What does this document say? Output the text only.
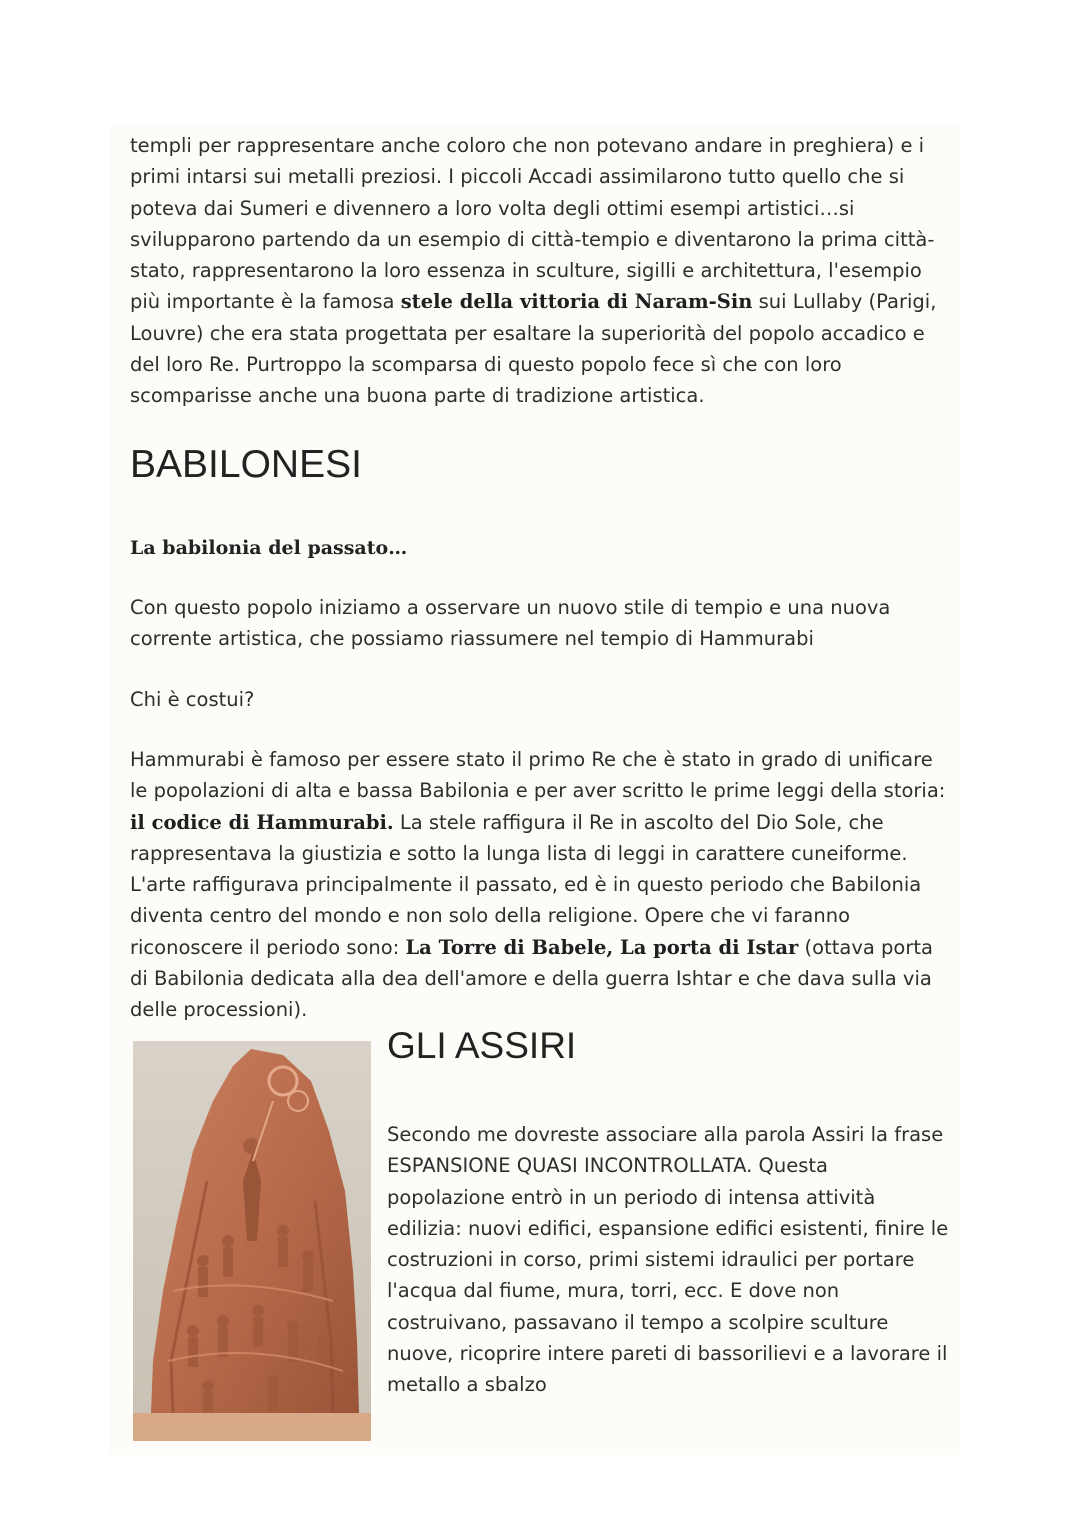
templi per rappresentare anche coloro che non potevano andare in preghiera) e i primi intarsi sui metalli preziosi. I piccoli Accadi assimilarono tutto quello che si poteva dai Sumeri e divennero a loro volta degli ottimi esempi artistici…si svilupparono partendo da un esempio di città-tempio e diventarono la prima città-stato, rappresentarono la loro essenza in sculture, sigilli e architettura, l'esempio più importante è la famosa stele della vittoria di Naram-Sin sui Lullaby (Parigi, Louvre) che era stata progettata per esaltare la superiorità del popolo accadico e del loro Re. Purtroppo la scomparsa di questo popolo fece sì che con loro scomparisse anche una buona parte di tradizione artistica.

BABILONESI

La babilonia del passato…

Con questo popolo iniziamo a osservare un nuovo stile di tempio e una nuova corrente artistica, che possiamo riassumere nel tempio di Hammurabi

Chi è costui?

Hammurabi è famoso per essere stato il primo Re che è stato in grado di unificare le popolazioni di alta e bassa Babilonia e per aver scritto le prime leggi della storia: il codice di Hammurabi. La stele raffigura il Re in ascolto del Dio Sole, che rappresentava la giustizia e sotto la lunga lista di leggi in carattere cuneiforme. L'arte raffigurava principalmente il passato, ed è in questo periodo che Babilonia diventa centro del mondo e non solo della religione. Opere che vi faranno riconoscere il periodo sono: La Torre di Babele, La porta di Istar (ottava porta di Babilonia dedicata alla dea dell'amore e della guerra Ishtar e che dava sulla via delle processioni).

GLI ASSIRI

Secondo me dovreste associare alla parola Assiri la frase ESPANSIONE QUASI INCONTROLLATA. Questa popolazione entrò in un periodo di intensa attività edilizia: nuovi edifici, espansione edifici esistenti, finire le costruzioni in corso, primi sistemi idraulici per portare l'acqua dal fiume, mura, torri, ecc. E dove non costruivano, passavano il tempo a scolpire sculture nuove, ricoprire intere pareti di bassorilievi e a lavorare il metallo a sbalzo
